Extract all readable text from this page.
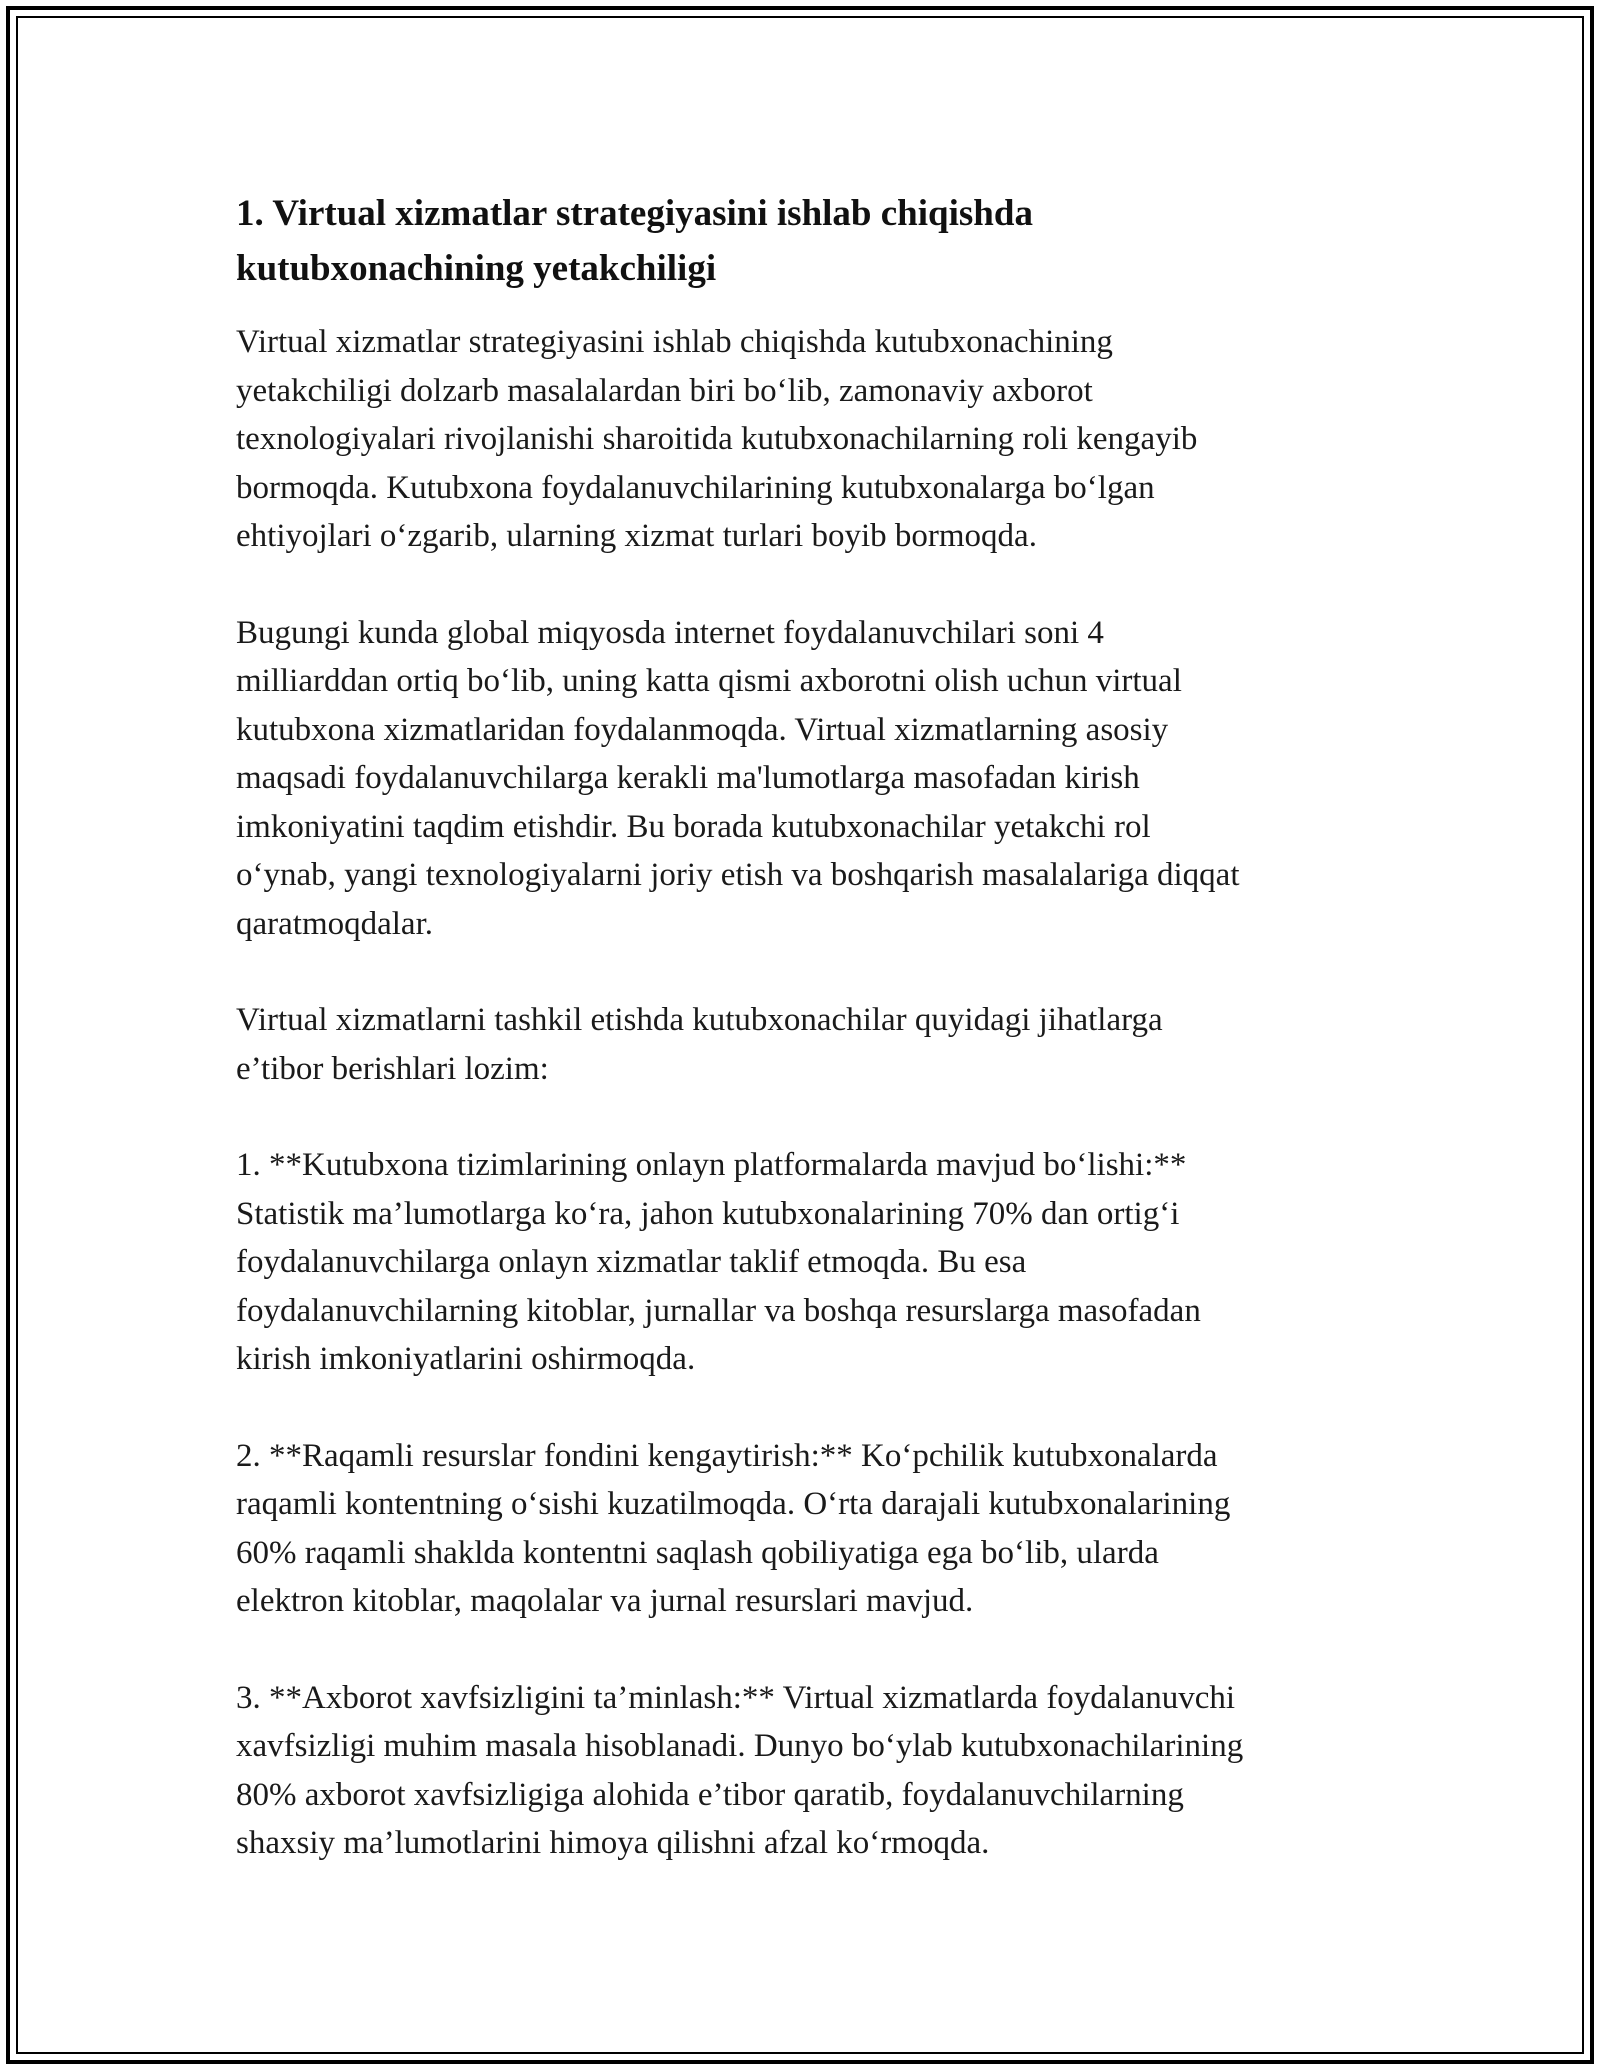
1. Virtual xizmatlar strategiyasini ishlab chiqishda
kutubxonachining yetakchiligi

Virtual xizmatlar strategiyasini ishlab chiqishda kutubxonachining
yetakchiligi dolzarb masalalardan biri bo‘lib, zamonaviy axborot
texnologiyalari rivojlanishi sharoitida kutubxonachilarning roli kengayib
bormoqda. Kutubxona foydalanuvchilarining kutubxonalarga bo‘lgan
ehtiyojlari o‘zgarib, ularning xizmat turlari boyib bormoqda.

Bugungi kunda global miqyosda internet foydalanuvchilari soni 4
milliarddan ortiq bo‘lib, uning katta qismi axborotni olish uchun virtual
kutubxona xizmatlaridan foydalanmoqda. Virtual xizmatlarning asosiy
maqsadi foydalanuvchilarga kerakli ma'lumotlarga masofadan kirish
imkoniyatini taqdim etishdir. Bu borada kutubxonachilar yetakchi rol
o‘ynab, yangi texnologiyalarni joriy etish va boshqarish masalalariga diqqat
qaratmoqdalar.

Virtual xizmatlarni tashkil etishda kutubxonachilar quyidagi jihatlarga
e’tibor berishlari lozim:

1. **Kutubxona tizimlarining onlayn platformalarda mavjud bo‘lishi:**
Statistik ma’lumotlarga ko‘ra, jahon kutubxonalarining 70% dan ortig‘i
foydalanuvchilarga onlayn xizmatlar taklif etmoqda. Bu esa
foydalanuvchilarning kitoblar, jurnallar va boshqa resurslarga masofadan
kirish imkoniyatlarini oshirmoqda.

2. **Raqamli resurslar fondini kengaytirish:** Ko‘pchilik kutubxonalarda
raqamli kontentning o‘sishi kuzatilmoqda. O‘rta darajali kutubxonalarining
60% raqamli shaklda kontentni saqlash qobiliyatiga ega bo‘lib, ularda
elektron kitoblar, maqolalar va jurnal resurslari mavjud.

3. **Axborot xavfsizligini ta’minlash:** Virtual xizmatlarda foydalanuvchi
xavfsizligi muhim masala hisoblanadi. Dunyo bo‘ylab kutubxonachilarining
80% axborot xavfsizligiga alohida e’tibor qaratib, foydalanuvchilarning
shaxsiy ma’lumotlarini himoya qilishni afzal ko‘rmoqda.
